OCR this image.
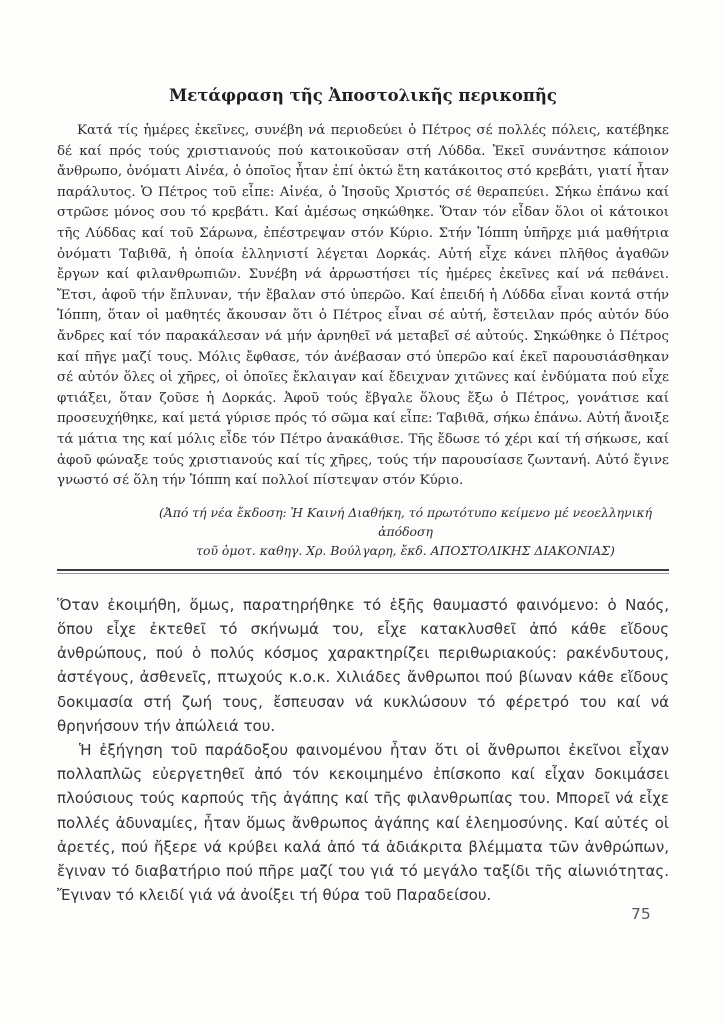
Μετάφραση τῆς Ἀποστολικῆς περικοπῆς

Κατά τίς ἡμέρες ἐκεῖνες, συνέβη νά περιοδεύει ὁ Πέτρος σέ πολλές πόλεις, κατέβηκε δέ καί πρός τούς χριστιανούς πού κατοικοῦσαν στή Λύδδα. Ἐκεῖ συνάντησε κάποιον ἄνθρωπο, ὀνόματι Αἰνέα, ὁ ὁποῖος ἦταν ἐπί ὀκτώ ἔτη κατάκοιτος στό κρεβάτι, γιατί ἦταν παράλυτος. Ὁ Πέτρος τοῦ εἶπε: Αἰνέα, ὁ Ἰησοῦς Χριστός σέ θεραπεύει. Σήκω ἐπάνω καί στρῶσε μόνος σου τό κρεβάτι. Καί ἀμέσως σηκώθηκε. Ὅταν τόν εἶδαν ὅλοι οἱ κάτοικοι τῆς Λύδδας καί τοῦ Σάρωνα, ἐπέστρεψαν στόν Κύριο. Στήν Ἰόππη ὑπῆρχε μιά μαθήτρια ὀνόματι Ταβιθᾶ, ἡ ὁποία ἑλληνιστί λέγεται Δορκάς. Αὐτή εἶχε κάνει πλῆθος ἀγαθῶν ἔργων καί φιλανθρωπιῶν. Συνέβη νά ἀρρωστήσει τίς ἡμέρες ἐκεῖνες καί νά πεθάνει. Ἔτσι, ἀφοῦ τήν ἔπλυναν, τήν ἔβαλαν στό ὑπερῶο. Καί ἐπειδή ἡ Λύδδα εἶναι κοντά στήν Ἰόππη, ὅταν οἱ μαθητές ἄκουσαν ὅτι ὁ Πέτρος εἶναι σέ αὐτή, ἔστειλαν πρός αὐτόν δύο ἄνδρες καί τόν παρακάλεσαν νά μήν ἀρνηθεῖ νά μεταβεῖ σέ αὐτούς. Σηκώθηκε ὁ Πέτρος καί πῆγε μαζί τους. Μόλις ἔφθασε, τόν ἀνέβασαν στό ὑπερῶο καί ἐκεῖ παρουσιάσθηκαν σέ αὐτόν ὅλες οἱ χῆρες, οἱ ὁποῖες ἔκλαιγαν καί ἔδειχναν χιτῶνες καί ἐνδύματα πού εἶχε φτιάξει, ὅταν ζοῦσε ἡ Δορκάς. Ἀφοῦ τούς ἔβγαλε ὅλους ἔξω ὁ Πέτρος, γονάτισε καί προσευχήθηκε, καί μετά γύρισε πρός τό σῶμα καί εἶπε: Ταβιθᾶ, σήκω ἐπάνω. Αὐτή ἄνοιξε τά μάτια της καί μόλις εἶδε τόν Πέτρο ἀνακάθισε. Τῆς ἔδωσε τό χέρι καί τή σήκωσε, καί ἀφοῦ φώναξε τούς χριστιανούς καί τίς χῆρες, τούς τήν παρουσίασε ζωντανή. Αὐτό ἔγινε γνωστό σέ ὅλη τήν Ἰόππη καί πολλοί πίστεψαν στόν Κύριο.

(Ἀπό τή νέα ἔκδοση: Ἡ Καινή Διαθήκη, τό πρωτότυπο κείμενο μέ νεοελληνική ἀπόδοση
τοῦ ὁμοτ. καθηγ. Χρ. Βούλγαρη, ἔκδ. ΑΠΟΣΤΟΛΙΚΗΣ ΔΙΑΚΟΝΙΑΣ)

Ὅταν ἐκοιμήθη, ὅμως, παρατηρήθηκε τό ἑξῆς θαυμαστό φαινόμενο: ὁ Ναός, ὅπου εἶχε ἐκτεθεῖ τό σκήνωμά του, εἶχε κατακλυσθεῖ ἀπό κάθε εἴδους ἀνθρώπους, πού ὁ πολύς κόσμος χαρακτηρίζει περιθωριακούς: ρακένδυτους, ἀστέγους, ἀσθενεῖς, πτωχούς κ.ο.κ. Χιλιάδες ἄνθρωποι πού βίωναν κάθε εἴδους δοκιμασία στή ζωή τους, ἔσπευσαν νά κυκλώσουν τό φέρετρό του καί νά θρηνήσουν τήν ἀπώλειά του.

Ἡ ἐξήγηση τοῦ παράδοξου φαινομένου ἦταν ὅτι οἱ ἄνθρωποι ἐκεῖνοι εἶχαν πολλαπλῶς εὐεργετηθεῖ ἀπό τόν κεκοιμημένο ἐπίσκοπο καί εἶχαν δοκιμάσει πλούσιους τούς καρπούς τῆς ἀγάπης καί τῆς φιλανθρωπίας του. Μπορεῖ νά εἶχε πολλές ἀδυναμίες, ἦταν ὅμως ἄνθρωπος ἀγάπης καί ἐλεημοσύνης. Καί αὐτές οἱ ἀρετές, πού ἤξερε νά κρύβει καλά ἀπό τά ἀδιάκριτα βλέμματα τῶν ἀνθρώπων, ἔγιναν τό διαβατήριο πού πῆρε μαζί του γιά τό μεγάλο ταξίδι τῆς αἰωνιότητας. Ἔγιναν τό κλειδί γιά νά ἀνοίξει τή θύρα τοῦ Παραδείσου.

75
